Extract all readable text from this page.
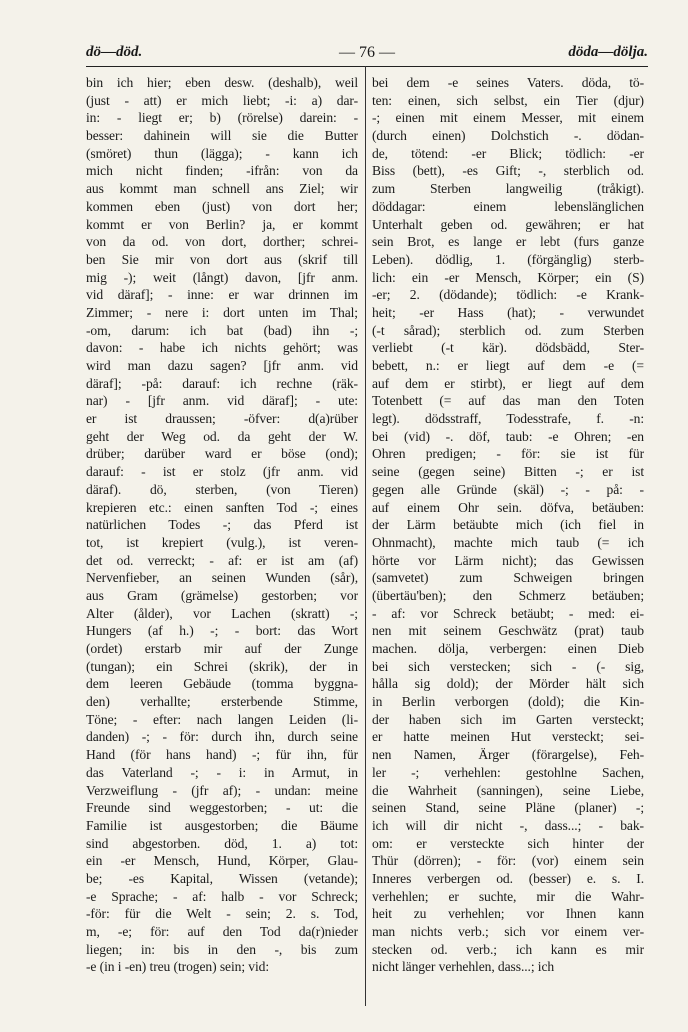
dö—död.	— 76 —	döda—dölja.
bin ich hier; eben desw. (deshalb), weil
(just - att) er mich liebt; -i: a) dar-
in: - liegt er; b) (rörelse) darein: -
besser: dahinein will sie die Butter
(smöret) thun (lägga); - kann ich
mich nicht finden; -ifrån: von da
aus kommt man schnell ans Ziel; wir
kommen eben (just) von dort her;
kommt er von Berlin? ja, er kommt
von da od. von dort, dorther; schrei-
ben Sie mir von dort aus (skrif till
mig -); weit (långt) davon, [jfr anm.
vid däraf]; - inne: er war drinnen im
Zimmer; - nere i: dort unten im Thal;
-om, darum: ich bat (bad) ihn -;
davon: - habe ich nichts gehört; was
wird man dazu sagen? [jfr anm. vid
däraf]; -på: darauf: ich rechne (räk-
nar) - [jfr anm. vid däraf]; - ute:
er ist draussen; -öfver: d(a)rüber
geht der Weg od. da geht der W.
drüber; darüber ward er böse (ond);
darauf: - ist er stolz (jfr anm. vid
däraf). dö, sterben, (von Tieren)
krepieren etc.: einen sanften Tod -; eines
natürlichen Todes -; das Pferd ist
tot, ist krepiert (vulg.), ist veren-
det od. verreckt; - af: er ist am (af)
Nervenfieber, an seinen Wunden (sår),
aus Gram (grämelse) gestorben; vor
Alter (ålder), vor Lachen (skratt) -;
Hungers (af h.) -; - bort: das Wort
(ordet) erstarb mir auf der Zunge
(tungan); ein Schrei (skrik), der in
dem leeren Gebäude (tomma byggna-
den) verhallte; ersterbende Stimme,
Töne; - efter: nach langen Leiden (li-
danden) -; - för: durch ihn, durch seine
Hand (för hans hand) -; für ihn, für
das Vaterland -; - i: in Armut, in
Verzweiflung - (jfr af); - undan: meine
Freunde sind weggestorben; - ut: die
Familie ist ausgestorben; die Bäume
sind abgestorben. död, 1. a) tot:
ein -er Mensch, Hund, Körper, Glau-
be; -es Kapital, Wissen (vetande);
-e Sprache; - af: halb - vor Schreck;
-för: für die Welt - sein; 2. s. Tod,
m, -e; för: auf den Tod da(r)nieder
liegen; in: bis in den -, bis zum
-e (in i -en) treu (trogen) sein; vid:
bei dem -e seines Vaters. döda, tö-
ten: einen, sich selbst, ein Tier (djur)
-; einen mit einem Messer, mit einem
(durch einen) Dolchstich -. dödan-
de, tötend: -er Blick; tödlich: -er
Biss (bett), -es Gift; -, sterblich od.
zum Sterben langweilig (tråkigt).
döddagar: einem lebenslänglichen
Unterhalt geben od. gewähren; er hat
sein Brot, es lange er lebt (furs ganze
Leben). dödlig, 1. (förgänglig) sterb-
lich: ein -er Mensch, Körper; ein (S)
-er; 2. (dödande); tödlich: -e Krank-
heit; -er Hass (hat); - verwundet
(-t sårad); sterblich od. zum Sterben
verliebt (-t kär). dödsbädd, Ster-
bebett, n.: er liegt auf dem -e (=
auf dem er stirbt), er liegt auf dem
Totenbett (= auf das man den Toten
legt). dödsstraff, Todesstrafe, f. -n:
bei (vid) -. döf, taub: -e Ohren; -en
Ohren predigen; - för: sie ist für
seine (gegen seine) Bitten -; er ist
gegen alle Gründe (skäl) -; - på: -
auf einem Ohr sein. döfva, betäuben:
der Lärm betäubte mich (ich fiel in
Ohnmacht), machte mich taub (= ich
hörte vor Lärm nicht); das Gewissen
(samvetet) zum Schweigen bringen
(übertäu'ben); den Schmerz betäuben;
- af: vor Schreck betäubt; - med: ei-
nen mit seinem Geschwätz (prat) taub
machen. dölja, verbergen: einen Dieb
bei sich verstecken; sich - (- sig,
hålla sig dold); der Mörder hält sich
in Berlin verborgen (dold); die Kin-
der haben sich im Garten versteckt;
er hatte meinen Hut versteckt; sei-
nen Namen, Ärger (förargelse), Feh-
ler -; verhehlen: gestohlne Sachen,
die Wahrheit (sanningen), seine Liebe,
seinen Stand, seine Pläne (planer) -;
ich will dir nicht -, dass...; - bak-
om: er versteckte sich hinter der
Thür (dörren); - för: (vor) einem sein
Inneres verbergen od. (besser) e. s. I.
verhehlen; er suchte, mir die Wahr-
heit zu verhehlen; vor Ihnen kann
man nichts verb.; sich vor einem ver-
stecken od. verb.; ich kann es mir
nicht länger verhehlen, dass...; ich
